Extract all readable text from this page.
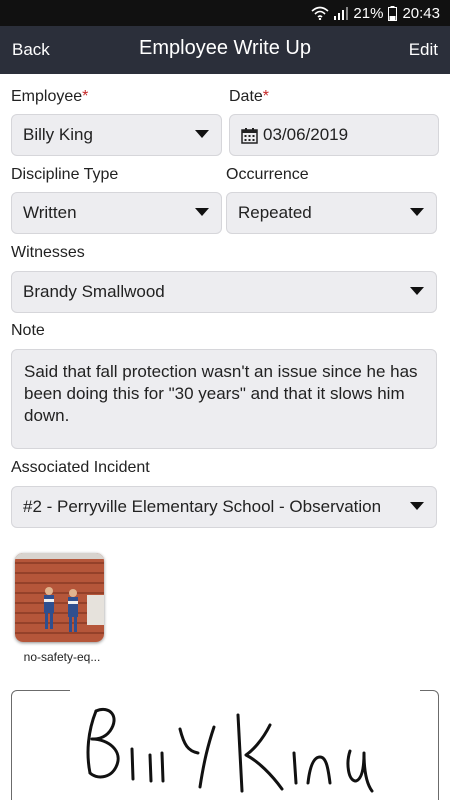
21% 20:43
Back	Employee Write Up	Edit
Employee*
Billy King
Date*
03/06/2019
Discipline Type
Written
Occurrence
Repeated
Witnesses
Brandy Smallwood
Note
Said that fall protection wasn't an issue since he has been doing this for "30 years" and that it slows him down.
Associated Incident
#2 - Perryville Elementary School - Observation
no-safety-eq...
